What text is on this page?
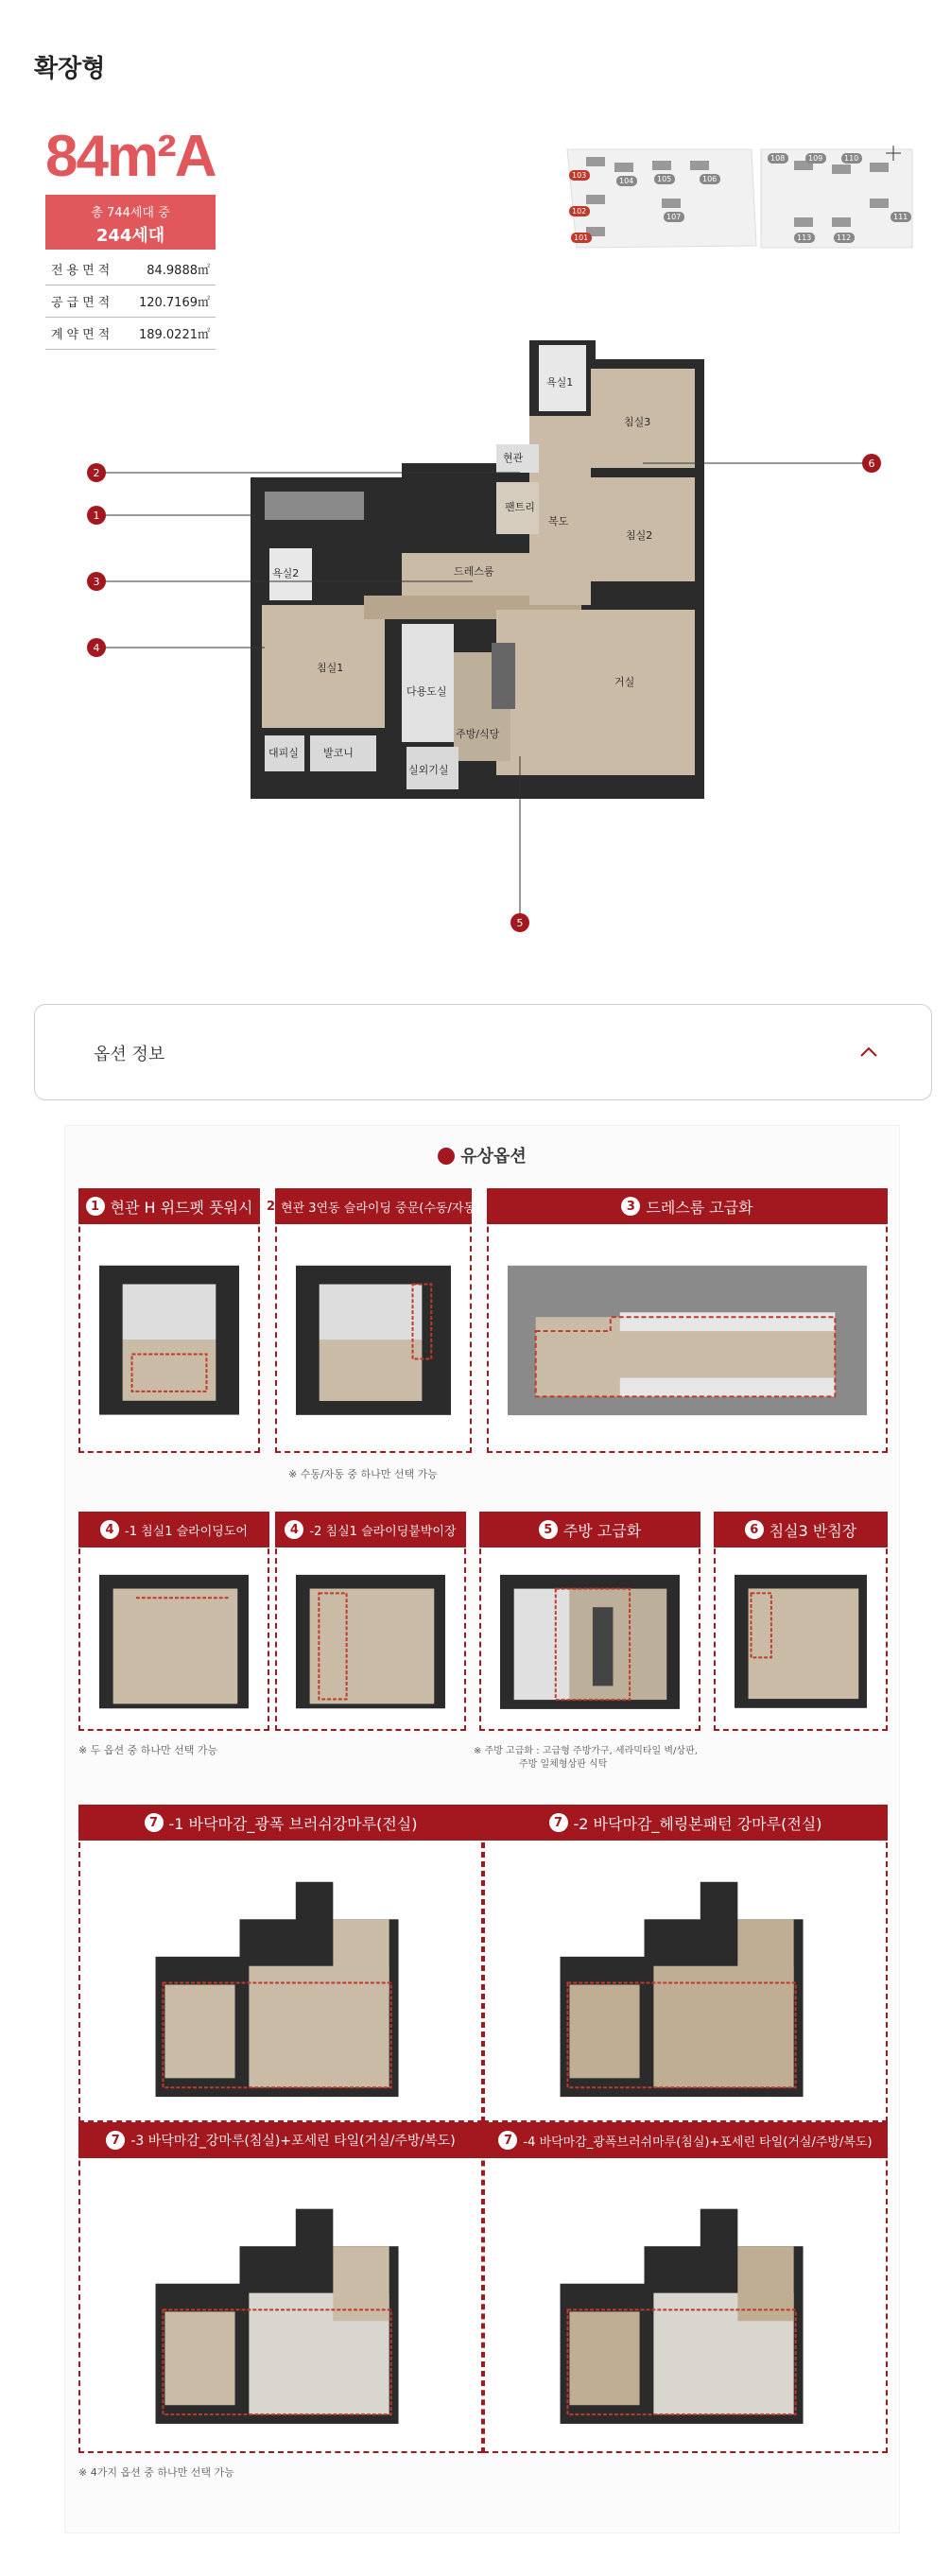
확장형
84m²A
총 744세대 중
244세대
전용면적	84.9888㎡
공급면적 120.7169㎡
계약면적 189.0221㎡
103
104	105	106
102
107
101
108	109	110
111
113	112
욕실1
현관
팬트리
복도
침실3
침실2
욕실2	드레스룸
침실1
거실
다용도실
주방/식당
대피실 발코니
실외기실
2
1
3
4
5
6
옵션 정보
유상옵션
1 현관 H 위드펫 풋워시 2 현관 3연동 슬라이딩 중문(수동/자동)	3 드레스룸 고급화
※ 수동/자동 중 하나만 선택 가능
4 -1 침실1 슬라이딩도어	4 -2 침실1 슬라이딩붙박이장	5 주방 고급화	6 침실3 반침장
※ 두 옵션 중 하나만 선택 가능	※ 주방 고급화 : 고급형 주방가구, 세라믹타일 벽/상판,
주방 일체형상판 식탁
7 -1 바닥마감_광폭 브러쉬강마루(전실)	7 -2 바닥마감_헤링본패턴 강마루(전실)
7 -3 바닥마감_강마루(침실)+포세린 타일(거실/주방/복도)	7 -4 바닥마감_광폭브러쉬마루(침실)+포세린 타일(거실/주방/복도)
※ 4가지 옵션 중 하나만 선택 가능
